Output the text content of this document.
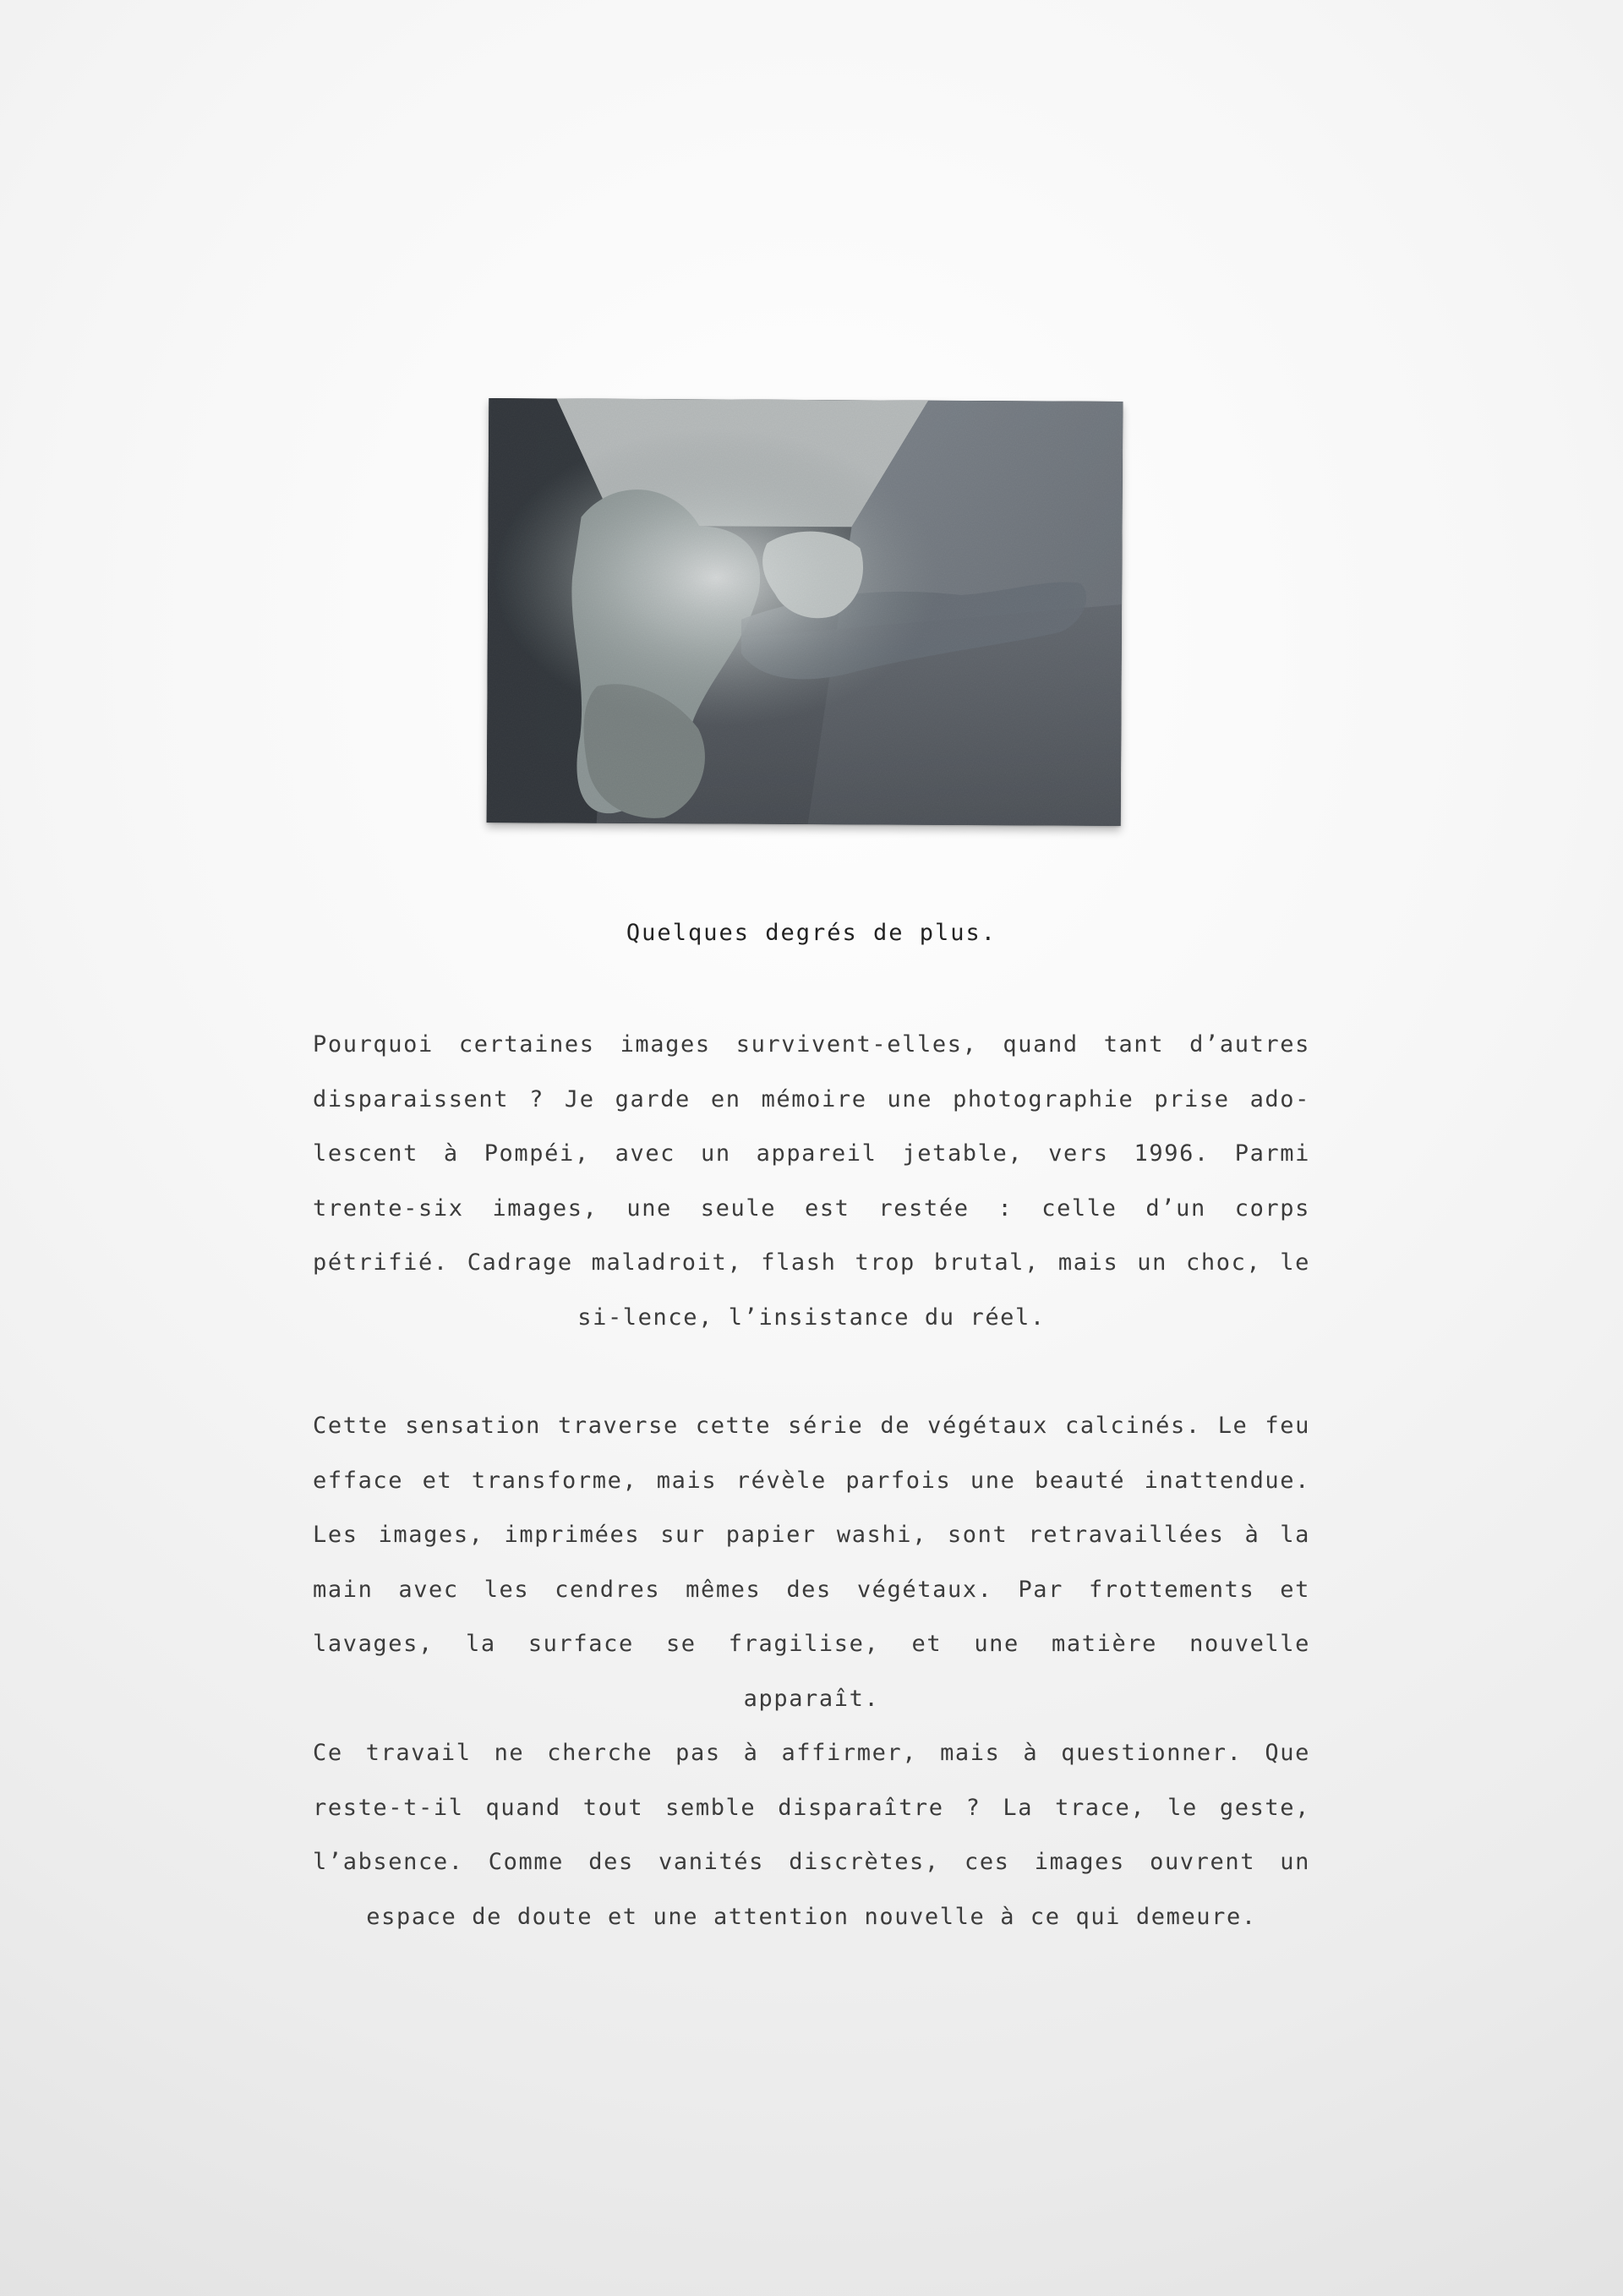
Quelques degrés de plus.

Pourquoi certaines images survivent-elles, quand tant d’autres disparaissent ? Je garde en mémoire une photographie prise ado-lescent à Pompéi, avec un appareil jetable, vers 1996. Parmi trente-six images, une seule est restée : celle d’un corps pétrifié. Cadrage maladroit, flash trop brutal, mais un choc, le si-lence, l’insistance du réel.

Cette sensation traverse cette série de végétaux calcinés. Le feu efface et transforme, mais révèle parfois une beauté inattendue. Les images, imprimées sur papier washi, sont retravaillées à la main avec les cendres mêmes des végétaux. Par frottements et lavages, la surface se fragilise, et une matière nouvelle apparaît.

Ce travail ne cherche pas à affirmer, mais à questionner. Que reste-t-il quand tout semble disparaître ? La trace, le geste, l’absence. Comme des vanités discrètes, ces images ouvrent un espace de doute et une attention nouvelle à ce qui demeure.
